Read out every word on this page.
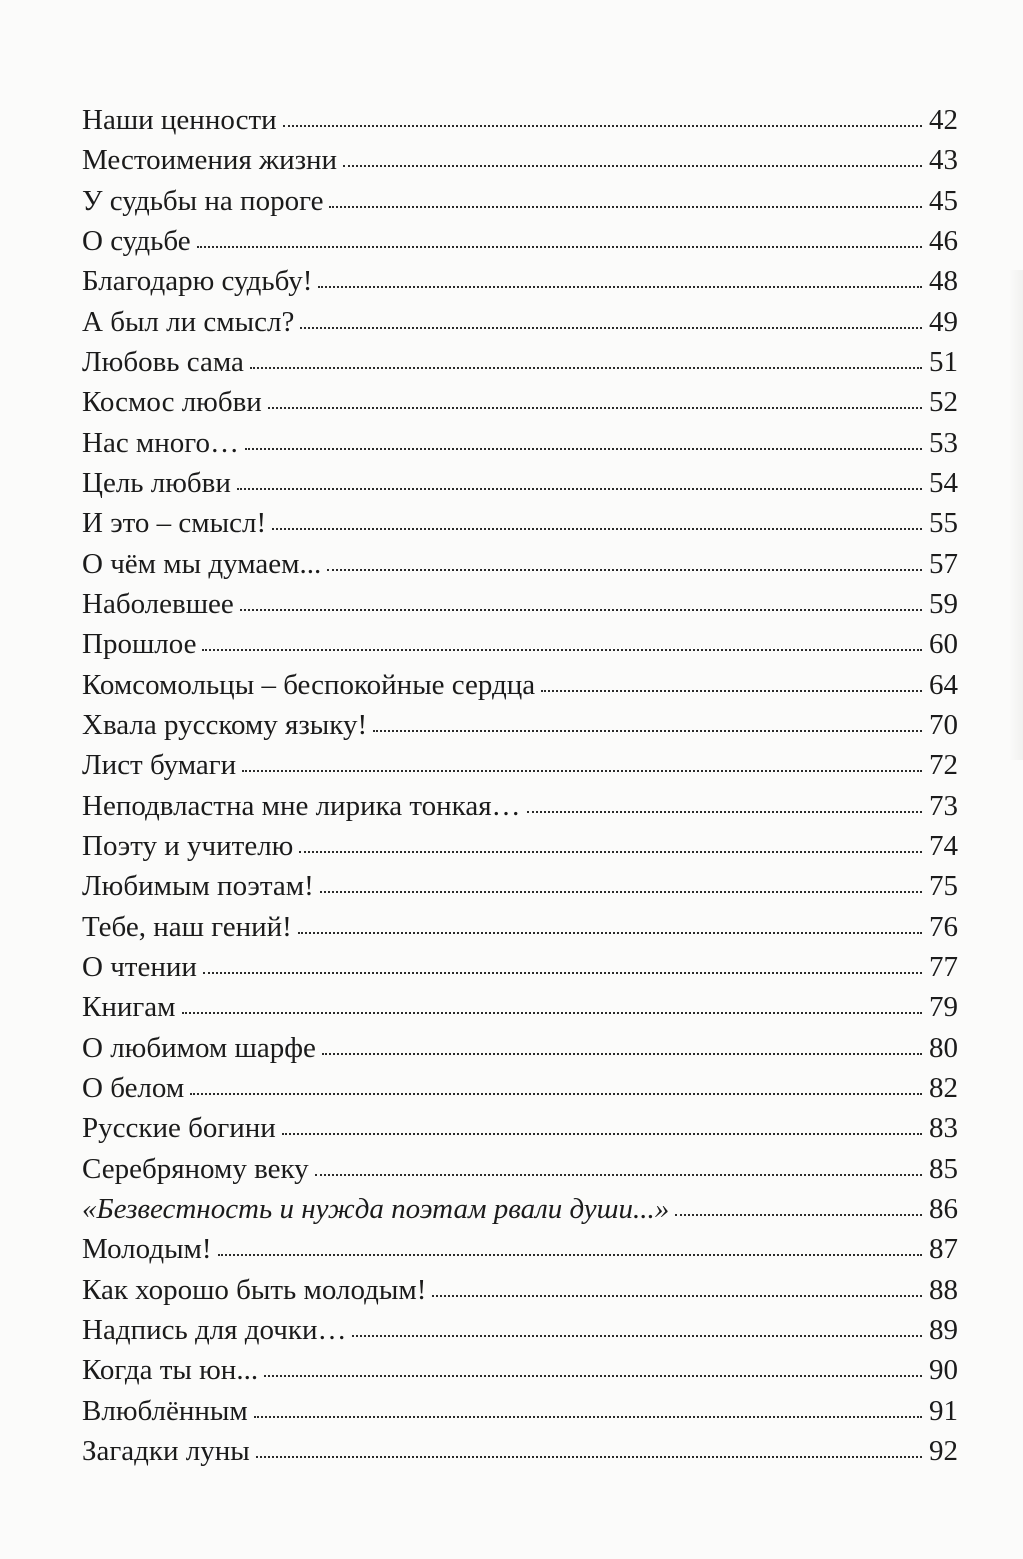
Наши ценности	42
Местоимения жизни	43
У судьбы на пороге	45
О судьбе	46
Благодарю судьбу!	48
А был ли смысл?	49
Любовь сама	51
Космос любви	52
Нас много…	53
Цель любви	54
И это – смысл!	55
О чём мы думаем...	57
Наболевшее	59
Прошлое	60
Комсомольцы – беспокойные сердца	64
Хвала русскому языку!	70
Лист бумаги	72
Неподвластна мне лирика тонкая…	73
Поэту и учителю	74
Любимым поэтам!	75
Тебе, наш гений!	76
О чтении	77
Книгам	79
О любимом шарфе	80
О белом	82
Русские богини	83
Серебряному веку	85
«Безвестность и нужда поэтам рвали души...»	86
Молодым!	87
Как хорошо быть молодым!	88
Надпись для дочки…	89
Когда ты юн...	90
Влюблённым	91
Загадки луны	92
